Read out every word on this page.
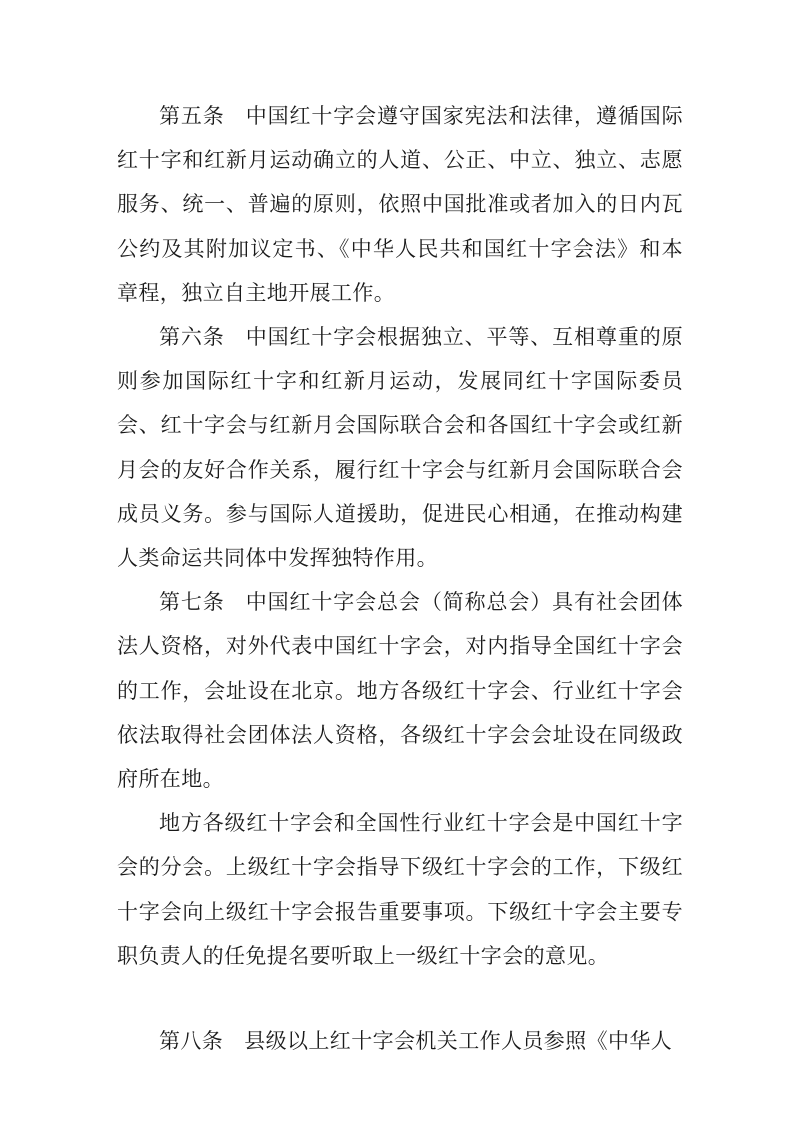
第五条 中国红十字会遵守国家宪法和法律，遵循国际红十字和红新月运动确立的人道、公正、中立、独立、志愿服务、统一、普遍的原则，依照中国批准或者加入的日内瓦公约及其附加议定书、《中华人民共和国红十字会法》和本章程，独立自主地开展工作。

第六条 中国红十字会根据独立、平等、互相尊重的原则参加国际红十字和红新月运动，发展同红十字国际委员会、红十字会与红新月会国际联合会和各国红十字会或红新月会的友好合作关系，履行红十字会与红新月会国际联合会成员义务。参与国际人道援助，促进民心相通，在推动构建人类命运共同体中发挥独特作用。

第七条 中国红十字会总会（简称总会）具有社会团体法人资格，对外代表中国红十字会，对内指导全国红十字会的工作，会址设在北京。地方各级红十字会、行业红十字会依法取得社会团体法人资格，各级红十字会会址设在同级政府所在地。

地方各级红十字会和全国性行业红十字会是中国红十字会的分会。上级红十字会指导下级红十字会的工作，下级红十字会向上级红十字会报告重要事项。下级红十字会主要专职负责人的任免提名要听取上一级红十字会的意见。

第八条 县级以上红十字会机关工作人员参照《中华人
